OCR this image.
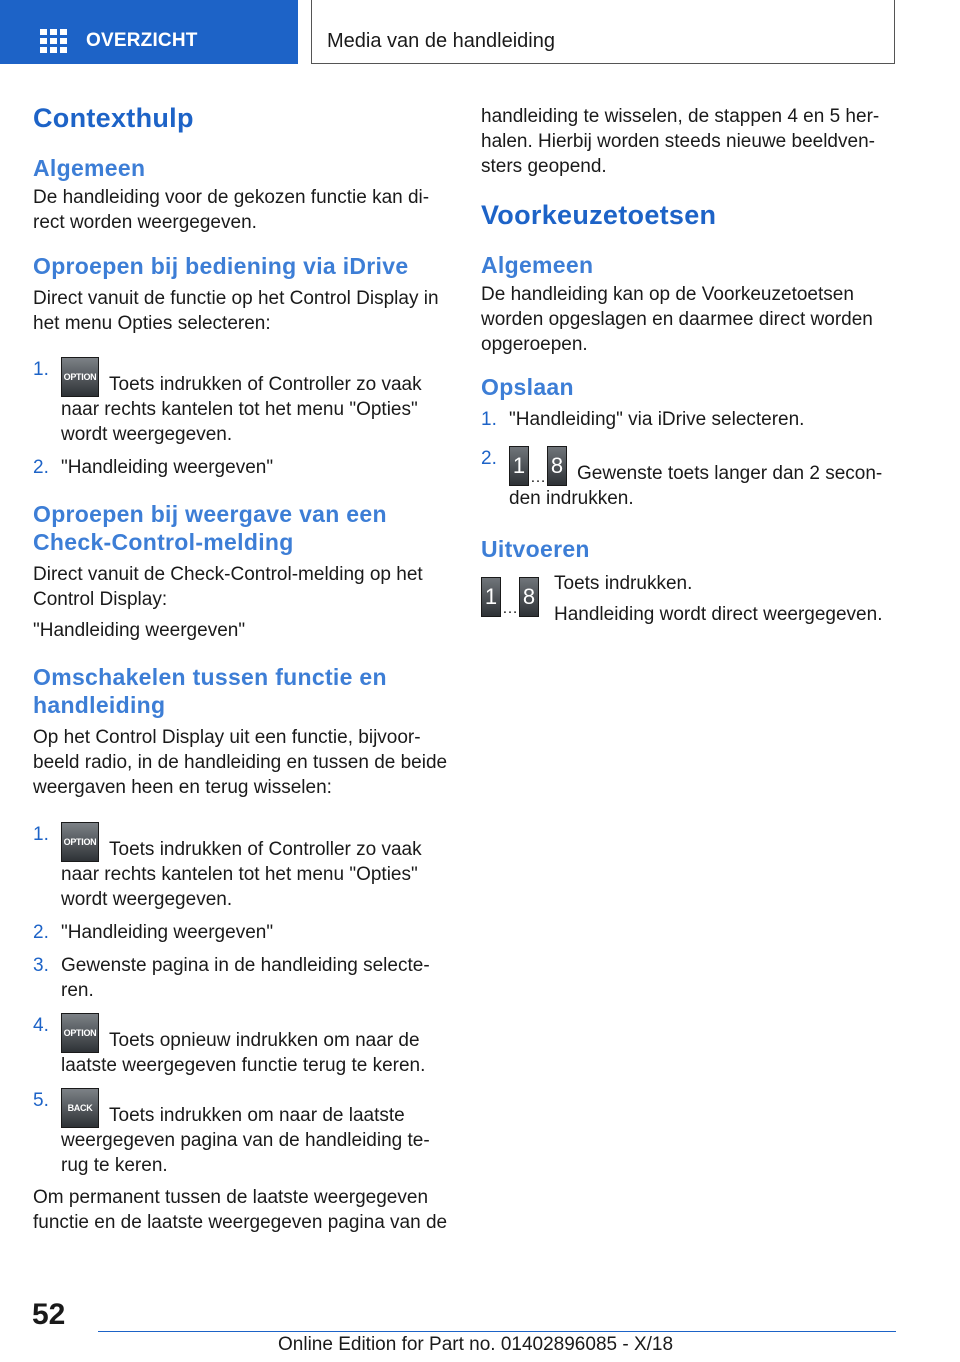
OVERZICHT	Media van de handleiding
Contexthulp
Algemeen

De handleiding voor de gekozen functie kan direct worden weergegeven.

Oproepen bij bediening via iDrive

Direct vanuit de functie op het Control Display in het menu Opties selecteren:

1. OPTION Toets indrukken of Controller zo vaak naar rechts kantelen tot het menu "Opties" wordt weergegeven.
2. "Handleiding weergeven"
Oproepen bij weergave van een Check-Control-melding

Direct vanuit de Check-Control-melding op het Control Display:

"Handleiding weergeven"

Omschakelen tussen functie en handleiding

Op het Control Display uit een functie, bijvoorbeeld radio, in de handleiding en tussen de beide weergaven heen en terug wisselen:

1. OPTION Toets indrukken of Controller zo vaak naar rechts kantelen tot het menu "Opties" wordt weergegeven.
2. "Handleiding weergeven"
3. Gewenste pagina in de handleiding selecteren.
4. OPTION Toets opnieuw indrukken om naar de laatste weergegeven functie terug te keren.
5.	BACK Toets indrukken om naar de laatste weergegeven pagina van de handleiding terug te keren.

Om permanent tussen de laatste weergegeven functie en de laatste weergegeven pagina van de

handleiding te wisselen, de stappen 4 en 5 herhalen. Hierbij worden steeds nieuwe beeldvensters geopend.

Voorkeuzetoetsen
Algemeen

De handleiding kan op de Voorkeuzetoetsen worden opgeslagen en daarmee direct worden opgeroepen.

Opslaan
1. "Handleiding" via iDrive selecteren.
2. 1 … 8 Gewenste toets langer dan 2 seconden indrukken.
Uitvoeren
1 … 8

Toets indrukken.

Handleiding wordt direct weergegeven.

52
Online Edition for Part no. 01402896085 - X/18
